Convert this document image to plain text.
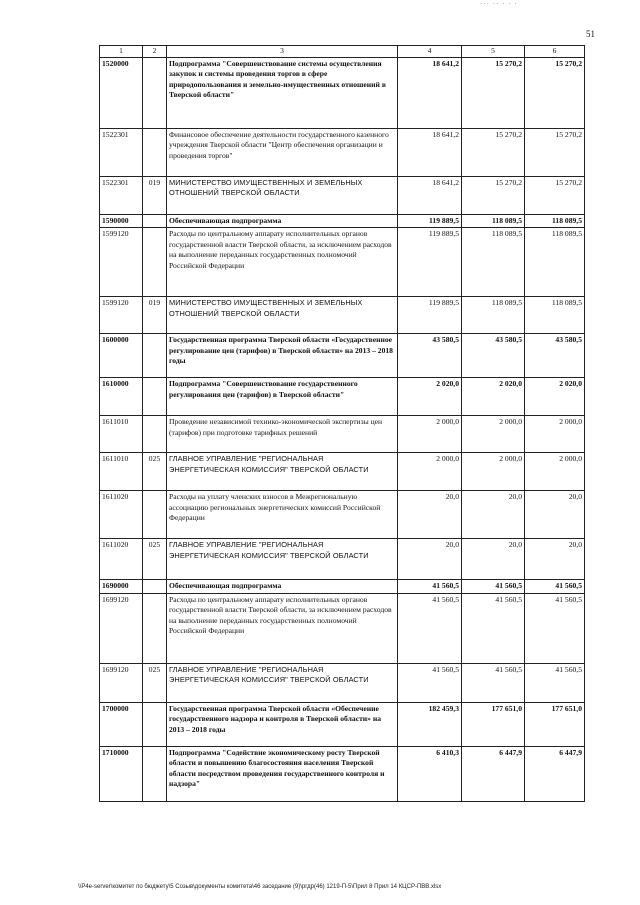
··· ·· · · ·
51
1	2	3	4	5	6
1520000		Подпрограмма "Совершенствование системы осуществления закупок и системы проведения торгов в сфере природопользования и земельно-имущественных отношений в Тверской области"	18 641,2	15 270,2	15 270,2
1522301		Финансовое обеспечение деятельности государственного казенного учреждения Тверской области "Центр обеспечения организации и проведения торгов"	18 641,2	15 270,2	15 270,2
1522301	019	МИНИСТЕРСТВО ИМУЩЕСТВЕННЫХ И ЗЕМЕЛЬНЫХ ОТНОШЕНИЙ ТВЕРСКОЙ ОБЛАСТИ	18 641,2	15 270,2	15 270,2
1590000		Обеспечивающая подпрограмма	119 889,5	118 089,5	118 089,5
1599120		Расходы по центральному аппарату исполнительных органов государственной власти Тверской области, за исключением расходов на выполнение переданных государственных полномочий Российской Федерации	119 889,5	118 089,5	118 089,5
1599120	019	МИНИСТЕРСТВО ИМУЩЕСТВЕННЫХ И ЗЕМЕЛЬНЫХ ОТНОШЕНИЙ ТВЕРСКОЙ ОБЛАСТИ	119 889,5	118 089,5	118 089,5
1600000		Государственная программа Тверской области «Государственное регулирование цен (тарифов) в Тверской области» на 2013 – 2018 годы	43 580,5	43 580,5	43 580,5
1610000		Подпрограмма "Совершенствование государственного регулирования цен (тарифов) в Тверской области"	2 020,0	2 020,0	2 020,0
1611010		Проведение независимой технико-экономической экспертизы цен (тарифов) при подготовке тарифных решений	2 000,0	2 000,0	2 000,0
1611010	025	ГЛАВНОЕ УПРАВЛЕНИЕ "РЕГИОНАЛЬНАЯ ЭНЕРГЕТИЧЕСКАЯ КОМИССИЯ" ТВЕРСКОЙ ОБЛАСТИ	2 000,0	2 000,0	2 000,0
1611020		Расходы на уплату членских взносов в Межрегиональную ассоциацию региональных энергетических комиссий Российской Федерации	20,0	20,0	20,0
1611020	025	ГЛАВНОЕ УПРАВЛЕНИЕ "РЕГИОНАЛЬНАЯ ЭНЕРГЕТИЧЕСКАЯ КОМИССИЯ" ТВЕРСКОЙ ОБЛАСТИ	20,0	20,0	20,0
1690000		Обеспечивающая подпрограмма	41 560,5	41 560,5	41 560,5
1699120		Расходы по центральному аппарату исполнительных органов государственной власти Тверской области, за исключением расходов на выполнение переданных государственных полномочий Российской Федерации	41 560,5	41 560,5	41 560,5
1699120	025	ГЛАВНОЕ УПРАВЛЕНИЕ "РЕГИОНАЛЬНАЯ ЭНЕРГЕТИЧЕСКАЯ КОМИССИЯ" ТВЕРСКОЙ ОБЛАСТИ	41 560,5	41 560,5	41 560,5
1700000		Государственная программа Тверской области «Обеспечение государственного надзора и контроля в Тверской области» на 2013 – 2018 годы	182 459,3	177 651,0	177 651,0
1710000		Подпрограмма "Содействие экономическому росту Тверской области и повышению благосостояния населения Тверской области посредством проведения государственного контроля и надзора"	6 410,3	6 447,9	6 447,9
\\P4e-server\комитет по бюджету\5 Созыв\документы комитета\46 заседание (9)\ргдр(46) 1219-П-5\Прил 8 Прил 14 КЦСР-ПВВ.xlsx
